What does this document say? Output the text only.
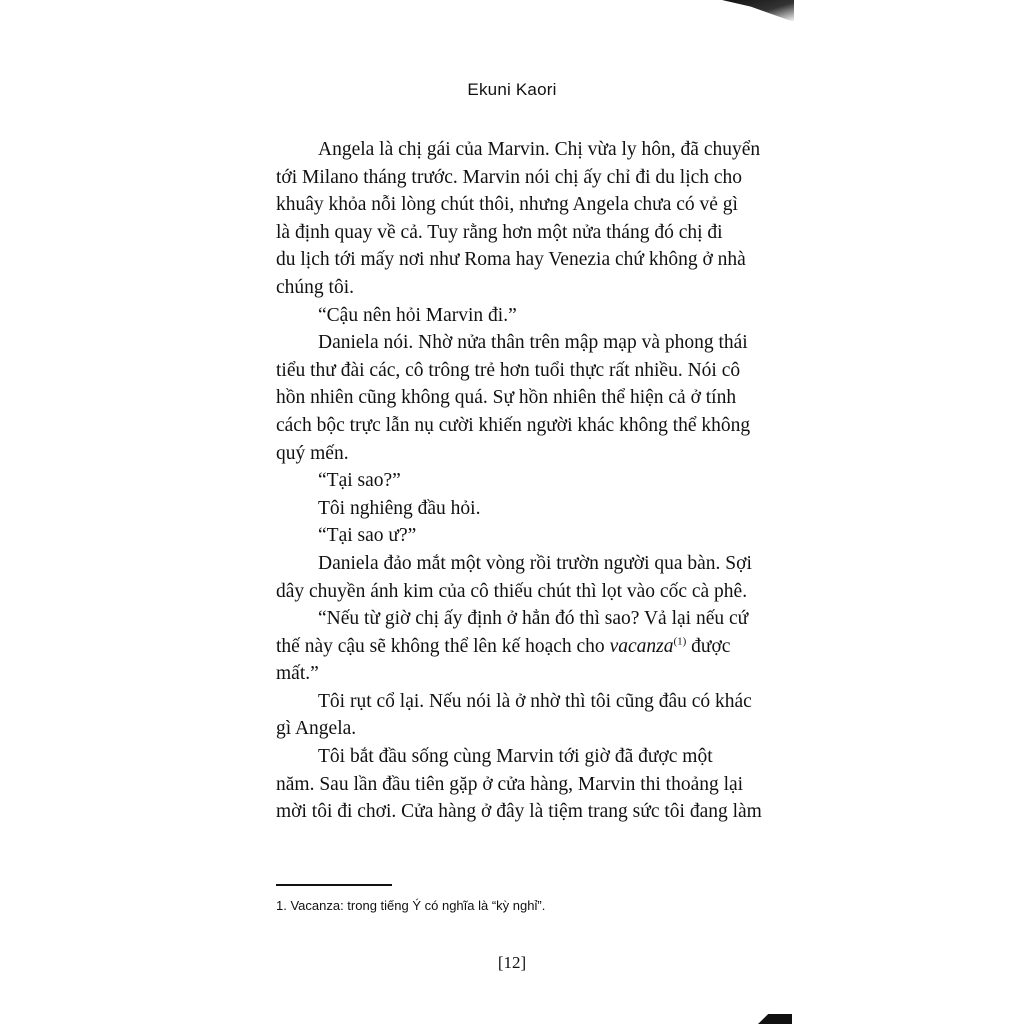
Ekuni Kaori
Angela là chị gái của Marvin. Chị vừa ly hôn, đã chuyển
tới Milano tháng trước. Marvin nói chị ấy chỉ đi du lịch cho
khuây khỏa nỗi lòng chút thôi, nhưng Angela chưa có vẻ gì
là định quay về cả. Tuy rằng hơn một nửa tháng đó chị đi
du lịch tới mấy nơi như Roma hay Venezia chứ không ở nhà
chúng tôi.
“Cậu nên hỏi Marvin đi.”
Daniela nói. Nhờ nửa thân trên mập mạp và phong thái
tiểu thư đài các, cô trông trẻ hơn tuổi thực rất nhiều. Nói cô
hồn nhiên cũng không quá. Sự hồn nhiên thể hiện cả ở tính
cách bộc trực lẫn nụ cười khiến người khác không thể không
quý mến.
“Tại sao?”
Tôi nghiêng đầu hỏi.
“Tại sao ư?”
Daniela đảo mắt một vòng rồi trườn người qua bàn. Sợi
dây chuyền ánh kim của cô thiếu chút thì lọt vào cốc cà phê.
“Nếu từ giờ chị ấy định ở hẳn đó thì sao? Vả lại nếu cứ
thế này cậu sẽ không thể lên kế hoạch cho vacanza$^{(1)}$ được
mất.”
Tôi rụt cổ lại. Nếu nói là ở nhờ thì tôi cũng đâu có khác
gì Angela.
Tôi bắt đầu sống cùng Marvin tới giờ đã được một
năm. Sau lần đầu tiên gặp ở cửa hàng, Marvin thi thoảng lại
mời tôi đi chơi. Cửa hàng ở đây là tiệm trang sức tôi đang làm
1. Vacanza: trong tiếng Ý có nghĩa là “kỳ nghỉ”.
[12]
